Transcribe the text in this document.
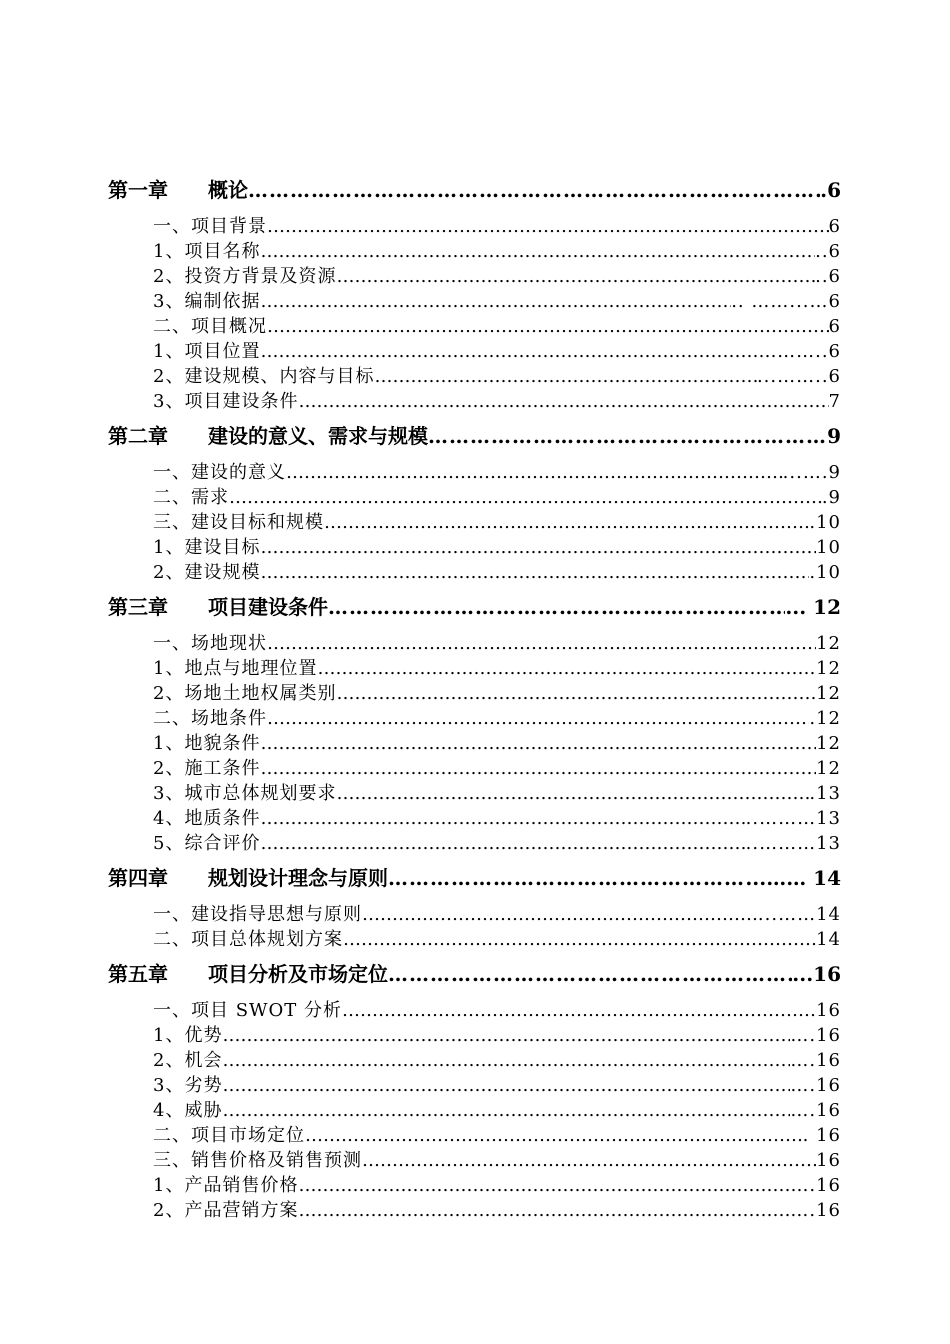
第一章 概论 …………………………………………………………………………………………………………………………………………………………………………	.6
一、项目背景 …………………………………………………………………………………………………………………………………………………………………………	6
1、项目名称 …………………………………………………………………………………………………………………………………………………………………………	..6
2、投资方背景及资源 …………………………………………………………………………………………………………………………………………………………………………	..6
3、编制依据 …………………………………………………………………………………………………………………………………………………………………………	.. ……...…6
二、项目概况 …………………………………………………………………………………………………………………………………………………………………………	6
1、项目位置 …………………………………………………………………………………………………………………………………………………………………………	……..6
2、建设规模、内容与目标 …………………………………………………………………………………………………………………………………………………………………………	...……..6
3、项目建设条件 …………………………………………………………………………………………………………………………………………………………………………	7
第二章 建设的意义、需求与规模 …………………………………………………………………………………………………………………………………………………………………………	9
一、建设的意义 …………………………………………………………………………………………………………………………………………………………………………	...….9
二、需求 …………………………………………………………………………………………………………………………………………………………………………	.9
三、建设目标和规模 …………………………………………………………………………………………………………………………………………………………………………	.10
1、建设目标 …………………………………………………………………………………………………………………………………………………………………………	10
2、建设规模 …………………………………………………………………………………………………………………………………………………………………………	.10
第三章 项目建设条件 …………………………………………………………………………………………………………………………………………………………………………	... 12
一、场地现状 …………………………………………………………………………………………………………………………………………………………………………	12
1、地点与地理位置 …………………………………………………………………………………………………………………………………………………………………………	12
2、场地土地权属类别 …………………………………………………………………………………………………………………………………………………………………………	12
二、场地条件 …………………………………………………………………………………………………………………………………………………………………………	.12
1、地貌条件 …………………………………………………………………………………………………………………………………………………………………………	12
2、施工条件 …………………………………………………………………………………………………………………………………………………………………………	12
3、城市总体规划要求 …………………………………………………………………………………………………………………………………………………………………………	.13
4、地质条件 …………………………………………………………………………………………………………………………………………………………………………	..………13
5、综合评价 …………………………………………………………………………………………………………………………………………………………………………	..………13
第四章 规划设计理念与原则 …………………………………………………………………………………………………………………………………………………………………………	...…… 14
一、建设指导思想与原则 …………………………………………………………………………………………………………………………………………………………………………	...……14
二、项目总体规划方案 …………………………………………………………………………………………………………………………………………………………………………	14
第五章 项目分析及市场定位 …………………………………………………………………………………………………………………………………………………………………………	...16
一、项目 SWOT 分析 …………………………………………………………………………………………………………………………………………………………………………	16
1、优势 …………………………………………………………………………………………………………………………………………………………………………	….16
2、机会 …………………………………………………………………………………………………………………………………………………………………………	….16
3、劣势 …………………………………………………………………………………………………………………………………………………………………………	….16
4、威胁 …………………………………………………………………………………………………………………………………………………………………………	….16
二、项目市场定位 …………………………………………………………………………………………………………………………………………………………………………	. 16
三、销售价格及销售预测 …………………………………………………………………………………………………………………………………………………………………………	16
1、产品销售价格 …………………………………………………………………………………………………………………………………………………………………………	..16
2、产品营销方案 …………………………………………………………………………………………………………………………………………………………………………	….16
